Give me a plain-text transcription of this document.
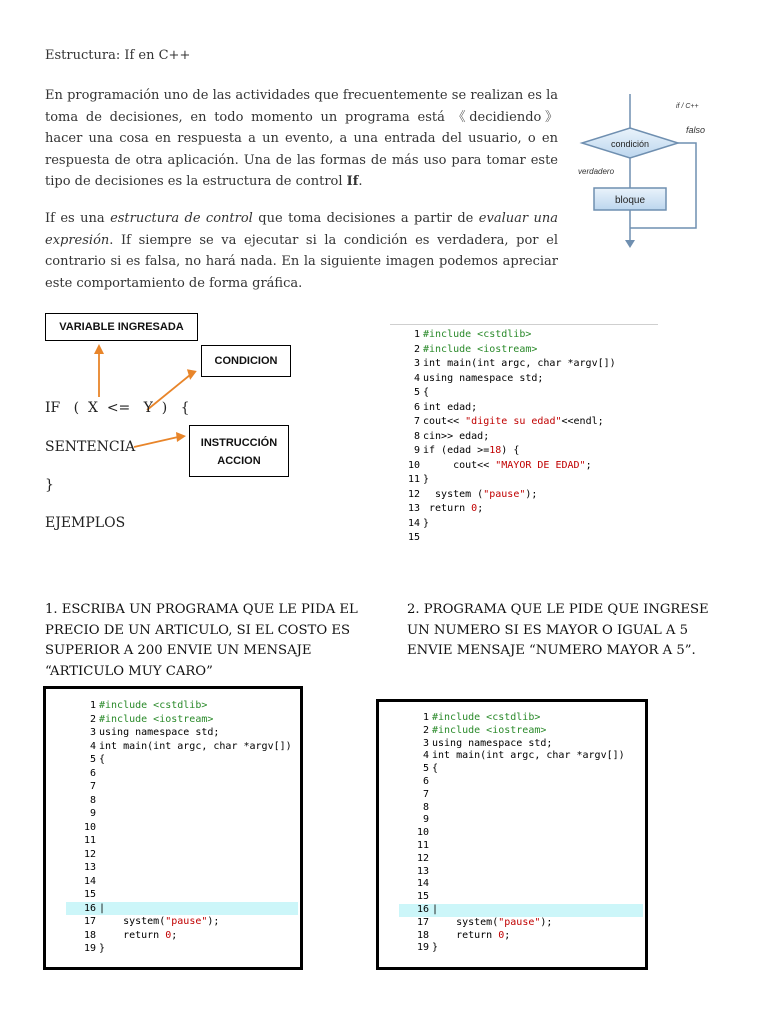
Estructura: If en C++
En programación uno de las actividades que frecuentemente se realizan es la toma de decisiones, en todo momento un programa está 《decidiendo》 hacer una cosa en respuesta a un evento, a una entrada del usuario, o en respuesta de otra aplicación. Una de las formas de más uso para tomar este tipo de decisiones es la estructura de control If.
If es una estructura de control que toma decisiones a partir de evaluar una expresión. If siempre se va ejecutar si la condición es verdadera, por el contrario si es falsa, no hará nada. En la siguiente imagen podemos apreciar este comportamiento de forma gráfica.
if / C++
falso
condición
verdadero
bloque
VARIABLE INGRESADA
CONDICION
INSTRUCCIÓN
ACCION
IF   (  X  <=   Y  )   {
SENTENCIA
}
EJEMPLOS
1 #include <cstdlib>
2 #include <iostream>
3 int main(int argc, char *argv[])
4 using namespace std;
5 {
6 int edad;
7 cout<< "digite su edad"<<endl;
8 cin>> edad;
9 if (edad >=18) {
10     cout<< "MAYOR DE EDAD";
11 }
12  system ("pause");
13 return 0;
14 }
15
1. ESCRIBA UN PROGRAMA QUE LE PIDA EL PRECIO DE UN ARTICULO, SI EL COSTO ES SUPERIOR A 200 ENVIE UN MENSAJE “ARTICULO MUY CARO”
2. PROGRAMA QUE LE PIDE QUE INGRESE UN NUMERO SI ES MAYOR O IGUAL A 5 ENVIE MENSAJE “NUMERO MAYOR A 5”.
1 #include <cstdlib>
2 #include <iostream>
3 using namespace std;
4 int main(int argc, char *argv[])
5 {
6
7
8
9
10
11
12
13
14
15
16 |
17    system("pause");
18    return 0;
19 }
1 #include <cstdlib>
2 #include <iostream>
3 using namespace std;
4 int main(int argc, char *argv[])
5 {
6
7
8
9
10
11
12
13
14
15
16 |
17    system("pause");
18    return 0;
19 }
